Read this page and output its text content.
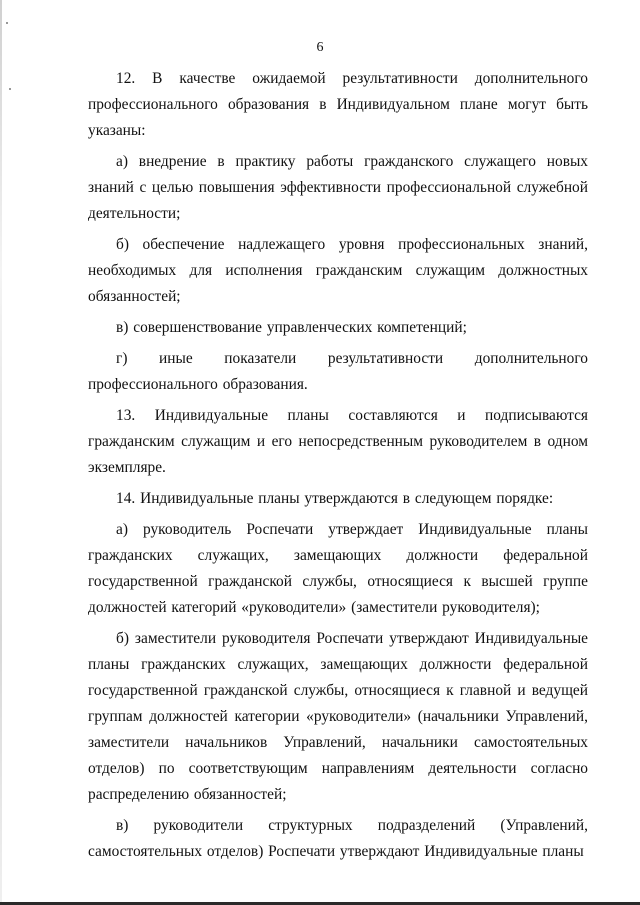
6

12. В качестве ожидаемой результативности дополнительного профессионального образования в Индивидуальном плане могут быть указаны:

а) внедрение в практику работы гражданского служащего новых знаний с целью повышения эффективности профессиональной служебной деятельности;

б) обеспечение надлежащего уровня профессиональных знаний, необходимых для исполнения гражданским служащим должностных обязанностей;

в) совершенствование управленческих компетенций;

г) иные показатели результативности дополнительного профессионального образования.

13. Индивидуальные планы составляются и подписываются гражданским служащим и его непосредственным руководителем в одном экземпляре.

14. Индивидуальные планы утверждаются в следующем порядке:

а) руководитель Роспечати утверждает Индивидуальные планы гражданских служащих, замещающих должности федеральной государственной гражданской службы, относящиеся к высшей группе должностей категорий «руководители» (заместители руководителя);

б) заместители руководителя Роспечати утверждают Индивидуальные планы гражданских служащих, замещающих должности федеральной государственной гражданской службы, относящиеся к главной и ведущей группам должностей категории «руководители» (начальники Управлений, заместители начальников Управлений, начальники самостоятельных отделов) по соответствующим направлениям деятельности согласно распределению обязанностей;

в) руководители структурных подразделений (Управлений, самостоятельных отделов) Роспечати утверждают Индивидуальные планы
